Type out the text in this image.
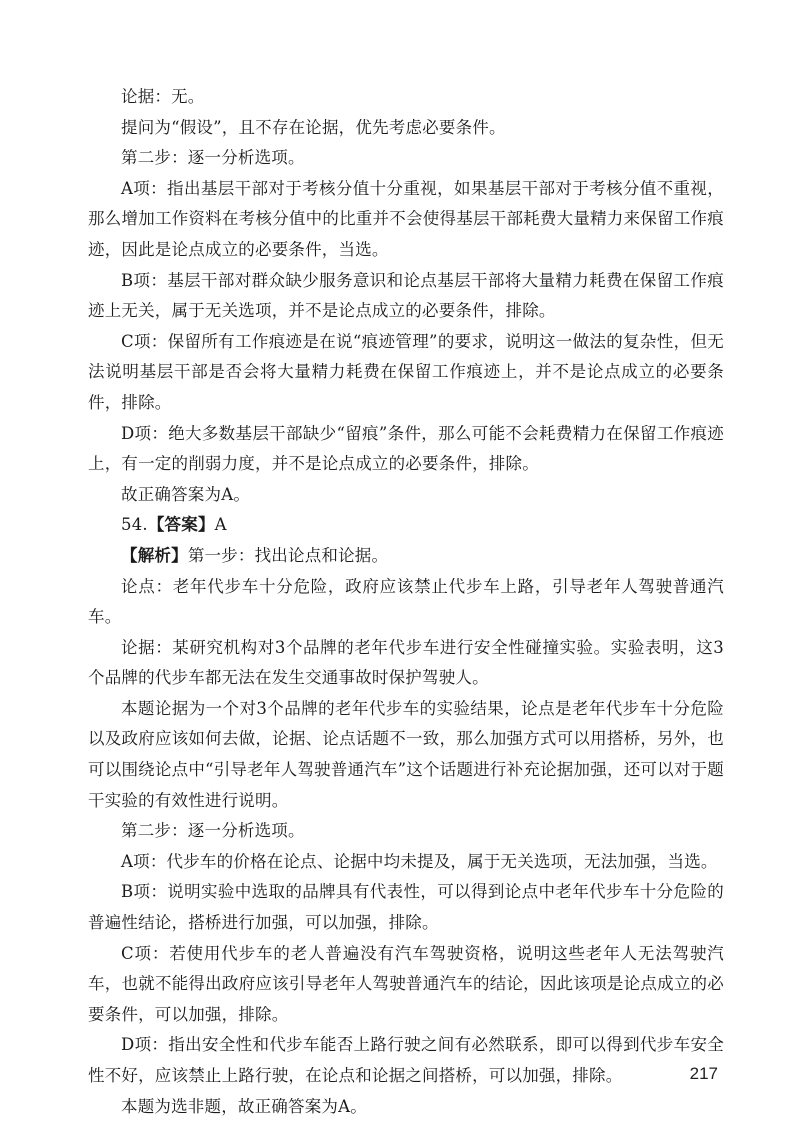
论据：无。

提问为“假设”，且不存在论据，优先考虑必要条件。

第二步：逐一分析选项。

A项：指出基层干部对于考核分值十分重视，如果基层干部对于考核分值不重视，那么增加工作资料在考核分值中的比重并不会使得基层干部耗费大量精力来保留工作痕迹，因此是论点成立的必要条件，当选。

B项：基层干部对群众缺少服务意识和论点基层干部将大量精力耗费在保留工作痕迹上无关，属于无关选项，并不是论点成立的必要条件，排除。

C项：保留所有工作痕迹是在说“痕迹管理”的要求，说明这一做法的复杂性，但无法说明基层干部是否会将大量精力耗费在保留工作痕迹上，并不是论点成立的必要条件，排除。

D项：绝大多数基层干部缺少“留痕”条件，那么可能不会耗费精力在保留工作痕迹上，有一定的削弱力度，并不是论点成立的必要条件，排除。

故正确答案为A。

54.【答案】A

【解析】第一步：找出论点和论据。

论点：老年代步车十分危险，政府应该禁止代步车上路，引导老年人驾驶普通汽车。

论据：某研究机构对3个品牌的老年代步车进行安全性碰撞实验。实验表明，这3个品牌的代步车都无法在发生交通事故时保护驾驶人。

本题论据为一个对3个品牌的老年代步车的实验结果，论点是老年代步车十分危险以及政府应该如何去做，论据、论点话题不一致，那么加强方式可以用搭桥，另外，也可以围绕论点中“引导老年人驾驶普通汽车”这个话题进行补充论据加强，还可以对于题干实验的有效性进行说明。

第二步：逐一分析选项。

A项：代步车的价格在论点、论据中均未提及，属于无关选项，无法加强，当选。

B项：说明实验中选取的品牌具有代表性，可以得到论点中老年代步车十分危险的普遍性结论，搭桥进行加强，可以加强，排除。

C项：若使用代步车的老人普遍没有汽车驾驶资格，说明这些老年人无法驾驶汽车，也就不能得出政府应该引导老年人驾驶普通汽车的结论，因此该项是论点成立的必要条件，可以加强，排除。

D项：指出安全性和代步车能否上路行驶之间有必然联系，即可以得到代步车安全性不好，应该禁止上路行驶，在论点和论据之间搭桥，可以加强，排除。

本题为选非题，故正确答案为A。

217
